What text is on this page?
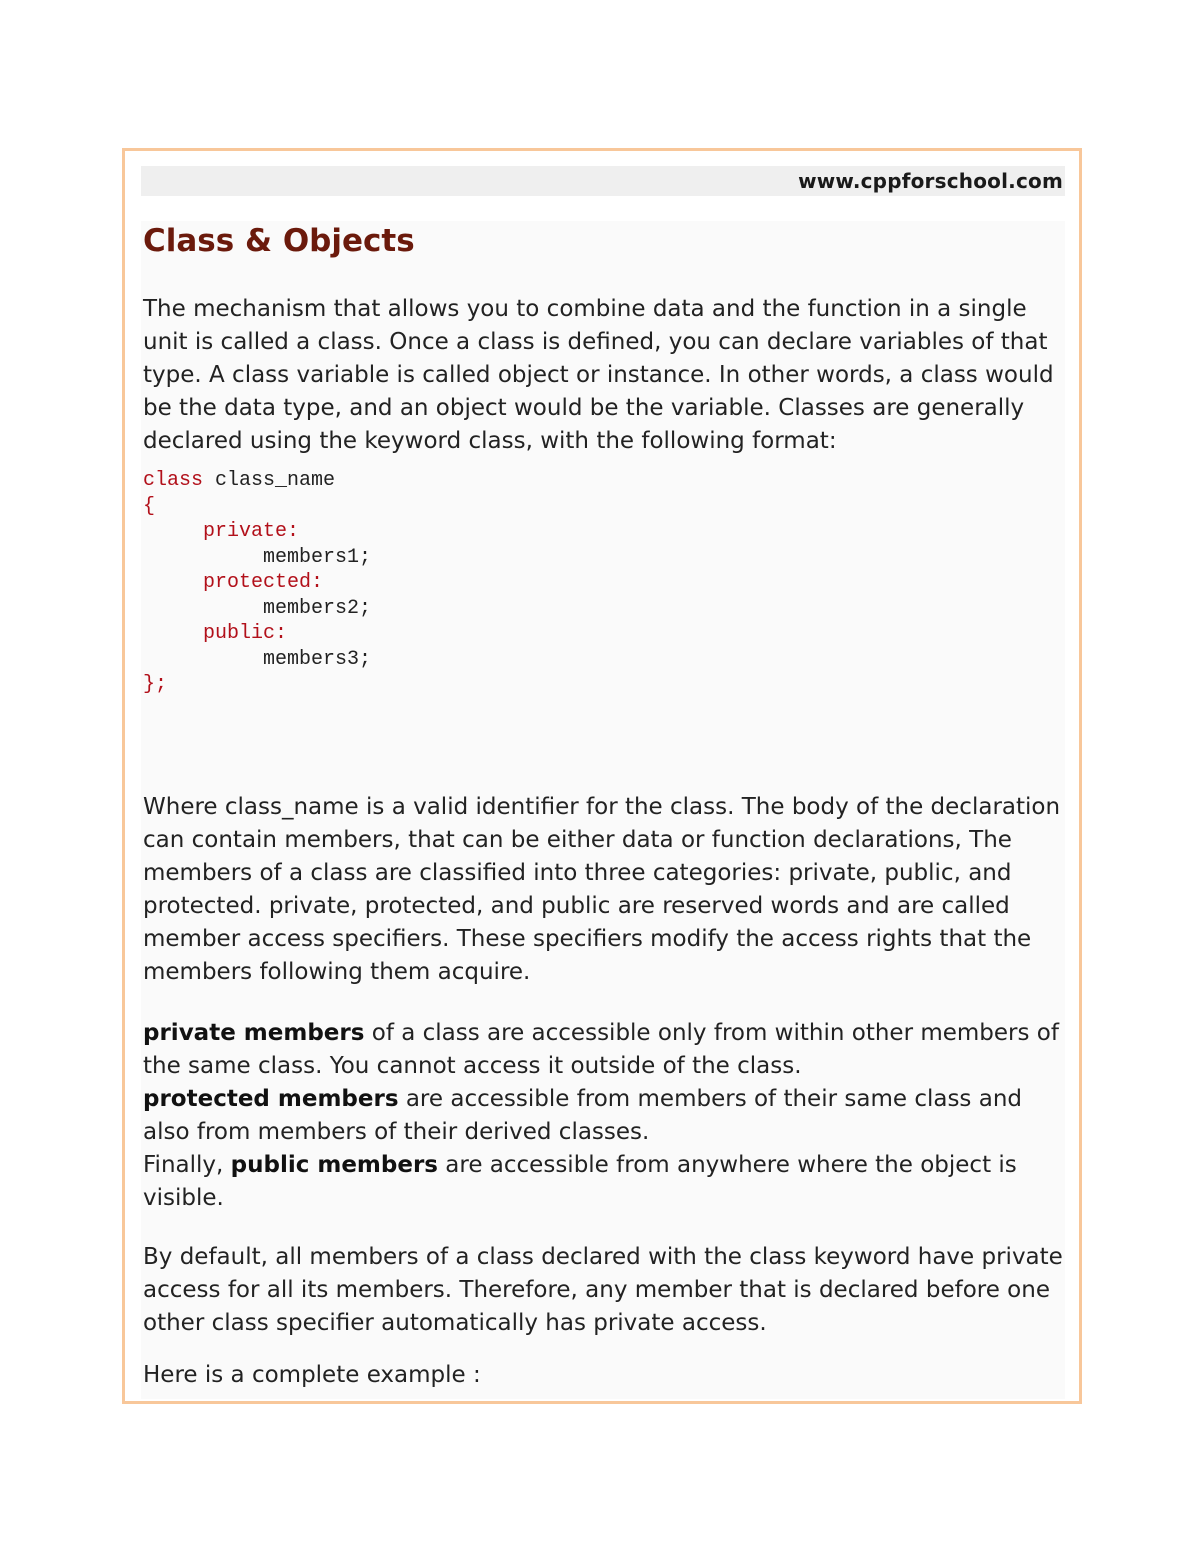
www.cppforschool.com
Class & Objects

The mechanism that allows you to combine data and the function in a single unit is called a class. Once a class is defined, you can declare variables of that type. A class variable is called object or instance. In other words, a class would be the data type, and an object would be the variable. Classes are generally declared using the keyword class, with the following format:

class class_name
{
private:
members1;
protected:
members2;
public:
members3;
};

Where class_name is a valid identifier for the class. The body of the declaration can contain members, that can be either data or function declarations, The members of a class are classified into three categories: private, public, and protected. private, protected, and public are reserved words and are called member access specifiers. These specifiers modify the access rights that the members following them acquire.

private members of a class are accessible only from within other members of the same class. You cannot access it outside of the class.
protected members are accessible from members of their same class and also from members of their derived classes.
Finally, public members are accessible from anywhere where the object is visible.

By default, all members of a class declared with the class keyword have private access for all its members. Therefore, any member that is declared before one other class specifier automatically has private access.

Here is a complete example :
